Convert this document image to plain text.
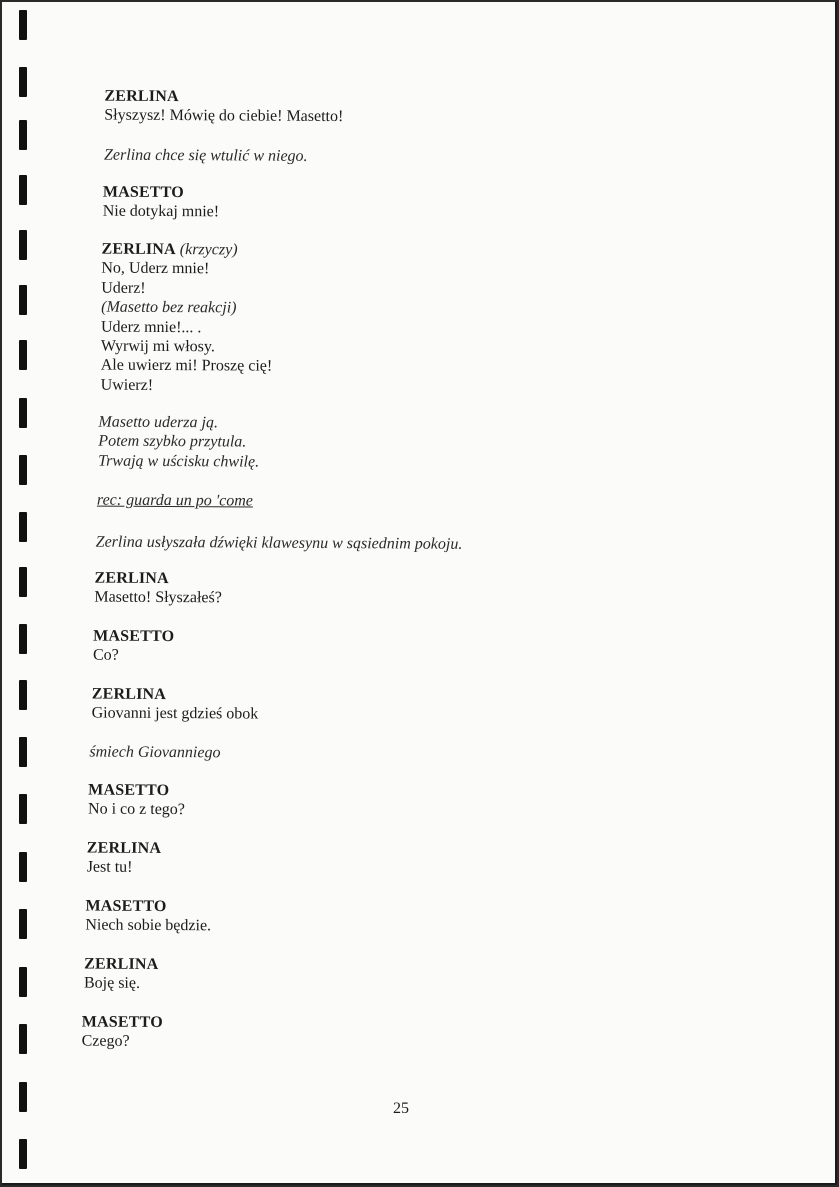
ZERLINA
Słyszysz! Mówię do ciebie! Masetto!
Zerlina chce się wtulić w niego.
MASETTO
Nie dotykaj mnie!
ZERLINA (krzyczy)
No, Uderz mnie!
Uderz!
(Masetto bez reakcji)
Uderz mnie!... .
Wyrwij mi włosy.
Ale uwierz mi! Proszę cię!
Uwierz!
Masetto uderza ją.
Potem szybko przytula.
Trwają w uścisku chwilę.
rec: guarda un po 'come
Zerlina usłyszała dźwięki klawesynu w sąsiednim pokoju.
ZERLINA
Masetto! Słyszałeś?
MASETTO
Co?
ZERLINA
Giovanni jest gdzieś obok
śmiech Giovanniego
MASETTO
No i co z tego?
ZERLINA
Jest tu!
MASETTO
Niech sobie będzie.
ZERLINA
Boję się.
MASETTO
Czego?
25
